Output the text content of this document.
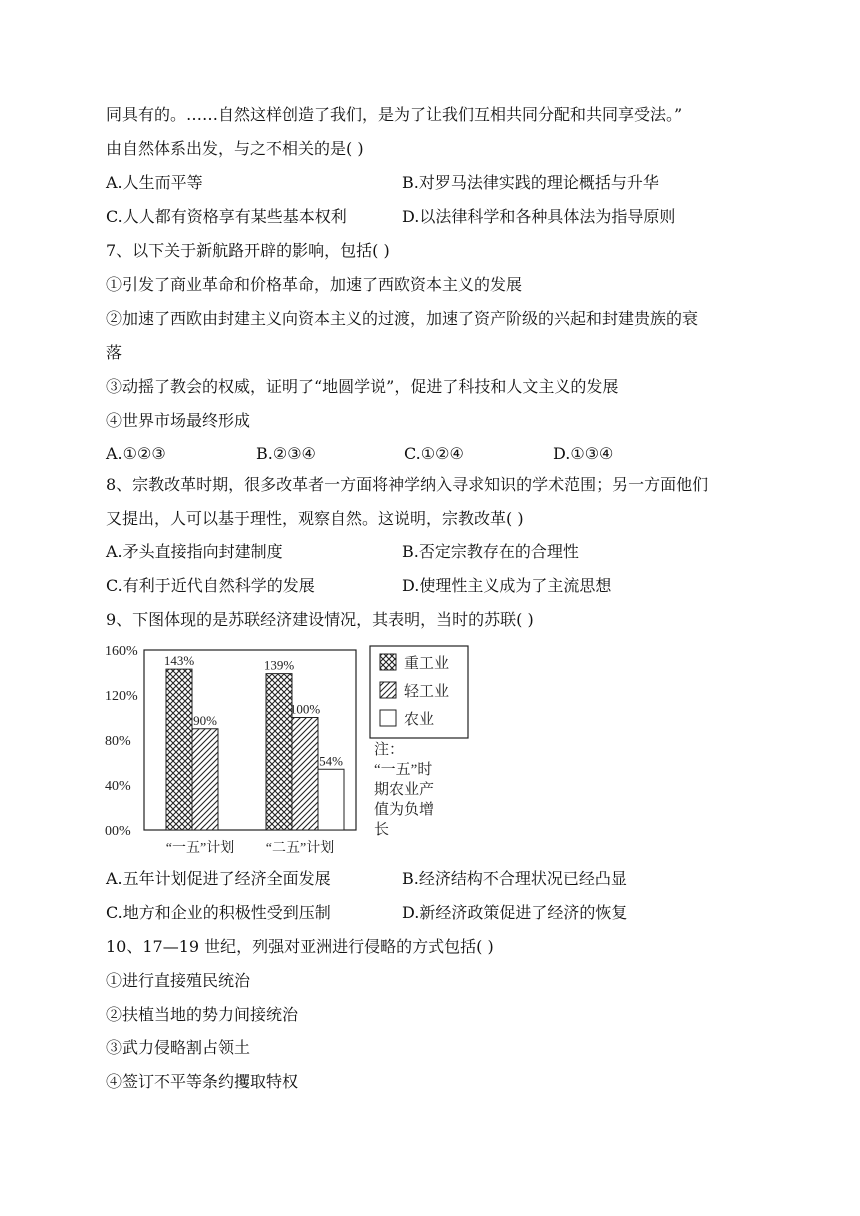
同具有的。……自然这样创造了我们，是为了让我们互相共同分配和共同享受法。”
由自然体系出发，与之不相关的是( )
A.人生而平等	B.对罗马法律实践的理论概括与升华
C.人人都有资格享有某些基本权利	D.以法律科学和各种具体法为指导原则
7、以下关于新航路开辟的影响，包括( )
①引发了商业革命和价格革命，加速了西欧资本主义的发展
②加速了西欧由封建主义向资本主义的过渡，加速了资产阶级的兴起和封建贵族的衰
落
③动摇了教会的权威，证明了“地圆学说”，促进了科技和人文主义的发展
④世界市场最终形成
A.①②③	B.②③④	C.①②④	D.①③④
8、宗教改革时期，很多改革者一方面将神学纳入寻求知识的学术范围；另一方面他们
又提出，人可以基于理性，观察自然。这说明，宗教改革( )
A.矛头直接指向封建制度	B.否定宗教存在的合理性
C.有利于近代自然科学的发展	D.使理性主义成为了主流思想
9、下图体现的是苏联经济建设情况，其表明，当时的苏联( )
160%
120%
80%
40%
00%
143%
90%
“一五”计划
139%
100%
54%
“二五”计划
重工业
轻工业
农业
注：
“一五”时
期农业产
值为负增
长
A.五年计划促进了经济全面发展	B.经济结构不合理状况已经凸显
C.地方和企业的积极性受到压制	D.新经济政策促进了经济的恢复
10、17—19 世纪，列强对亚洲进行侵略的方式包括( )
①进行直接殖民统治
②扶植当地的势力间接统治
③武力侵略割占领土
④签订不平等条约攫取特权
